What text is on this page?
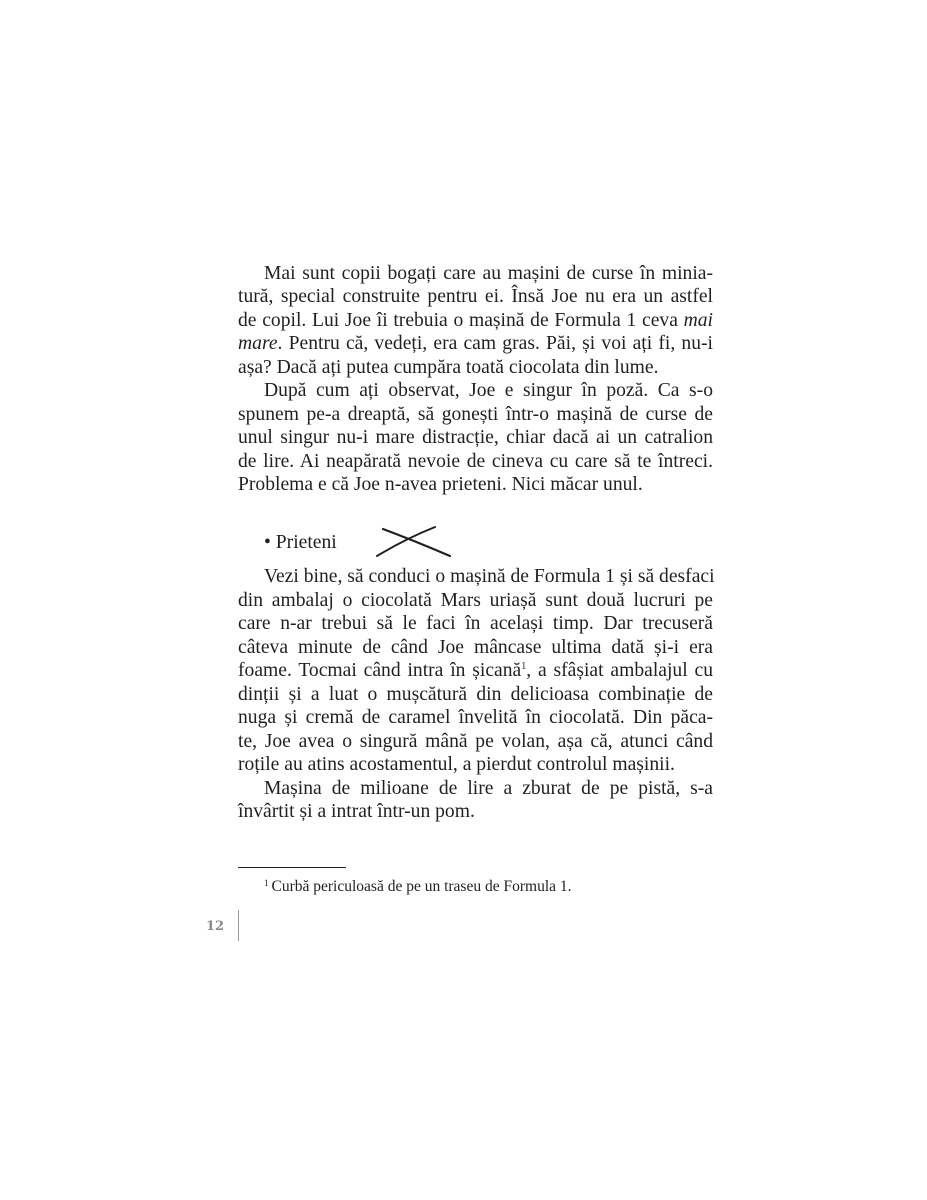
Mai sunt copii bogați care au mașini de curse în minia-
tură, special construite pentru ei. Însă Joe nu era un astfel
de copil. Lui Joe îi trebuia o mașină de Formula 1 ceva mai
mare. Pentru că, vedeți, era cam gras. Păi, și voi ați fi, nu-i
așa? Dacă ați putea cumpăra toată ciocolata din lume.
După cum ați observat, Joe e singur în poză. Ca s-o
spunem pe-a dreaptă, să gonești într-o mașină de curse de
unul singur nu-i mare distracție, chiar dacă ai un catralion
de lire. Ai neapărată nevoie de cineva cu care să te întreci.
Problema e că Joe n-avea prieteni. Nici măcar unul.
Vezi bine, să conduci o mașină de Formula 1 și să desfaci
din ambalaj o ciocolată Mars uriașă sunt două lucruri pe
care n-ar trebui să le faci în același timp. Dar trecuseră
câteva minute de când Joe mâncase ultima dată și-i era
foame. Tocmai când intra în șicană$^1$, a sfâșiat ambalajul cu
dinții și a luat o mușcătură din delicioasa combinație de
nuga și cremă de caramel învelită în ciocolată. Din păca-
te, Joe avea o singură mână pe volan, așa că, atunci când
roțile au atins acostamentul, a pierdut controlul mașinii.
Mașina de milioane de lire a zburat de pe pistă, s-a
învârtit și a intrat într-un pom.
• Prieteni
$^1$ Curbă periculoasă de pe un traseu de Formula 1.
12
